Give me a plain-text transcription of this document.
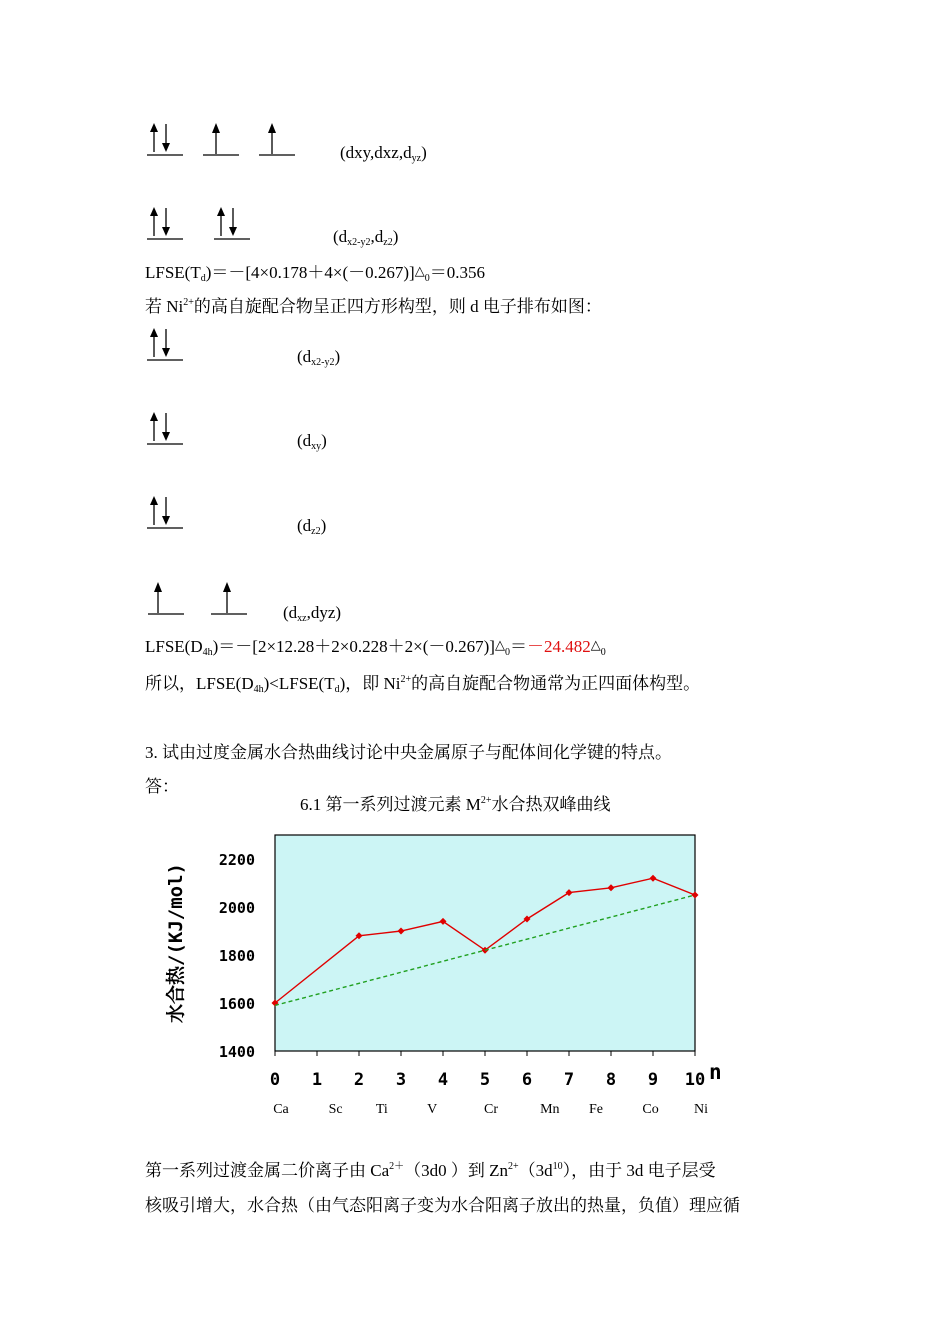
$(dxy,dxz,d_{yz})$
$(d_{x2-y2},d_{z2})$
$LFSE(T_d)=-[4\times 0.178+4\times(-0.267)]\triangle_0=0.356$
若 $Ni^{2+}$的高自旋配合物呈正四方形构型，则 d 电子排布如图：
$(d_{x2-y2})$
$(d_{xy})$
$(d_{z2})$
$(d_{xz},dyz)$
$LFSE(D_{4h})=-[2\times 12.28+2\times 0.228+2\times(-0.267)]\triangle_0=-24.482\triangle_0$
所以，$LFSE(D_{4h})<LFSE(T_d)$，即 $Ni^{2+}$的高自旋配合物通常为正四面体构型。
3. 试由过度金属水合热曲线讨论中央金属原子与配体间化学键的特点。
答：
6.1 第一系列过渡元素 $M^{2+}$水合热双峰曲线
1400
1600
1800
2000
2200
0 1 2 3 4 5 6 7 8 9 10
Ca	Sc Ti	V	Cr	Mn Fe	Co	Ni
水合热/(KJ/mol)
n
第一系列过渡金属二价离子由 $Ca^{2+}(3d0$ ）到 $Zn^{2+}(3d^{10})$，由于 3d 电子层受
核吸引增大，水合热（由气态阳离子变为水合阳离子放出的热量，负值）理应循
